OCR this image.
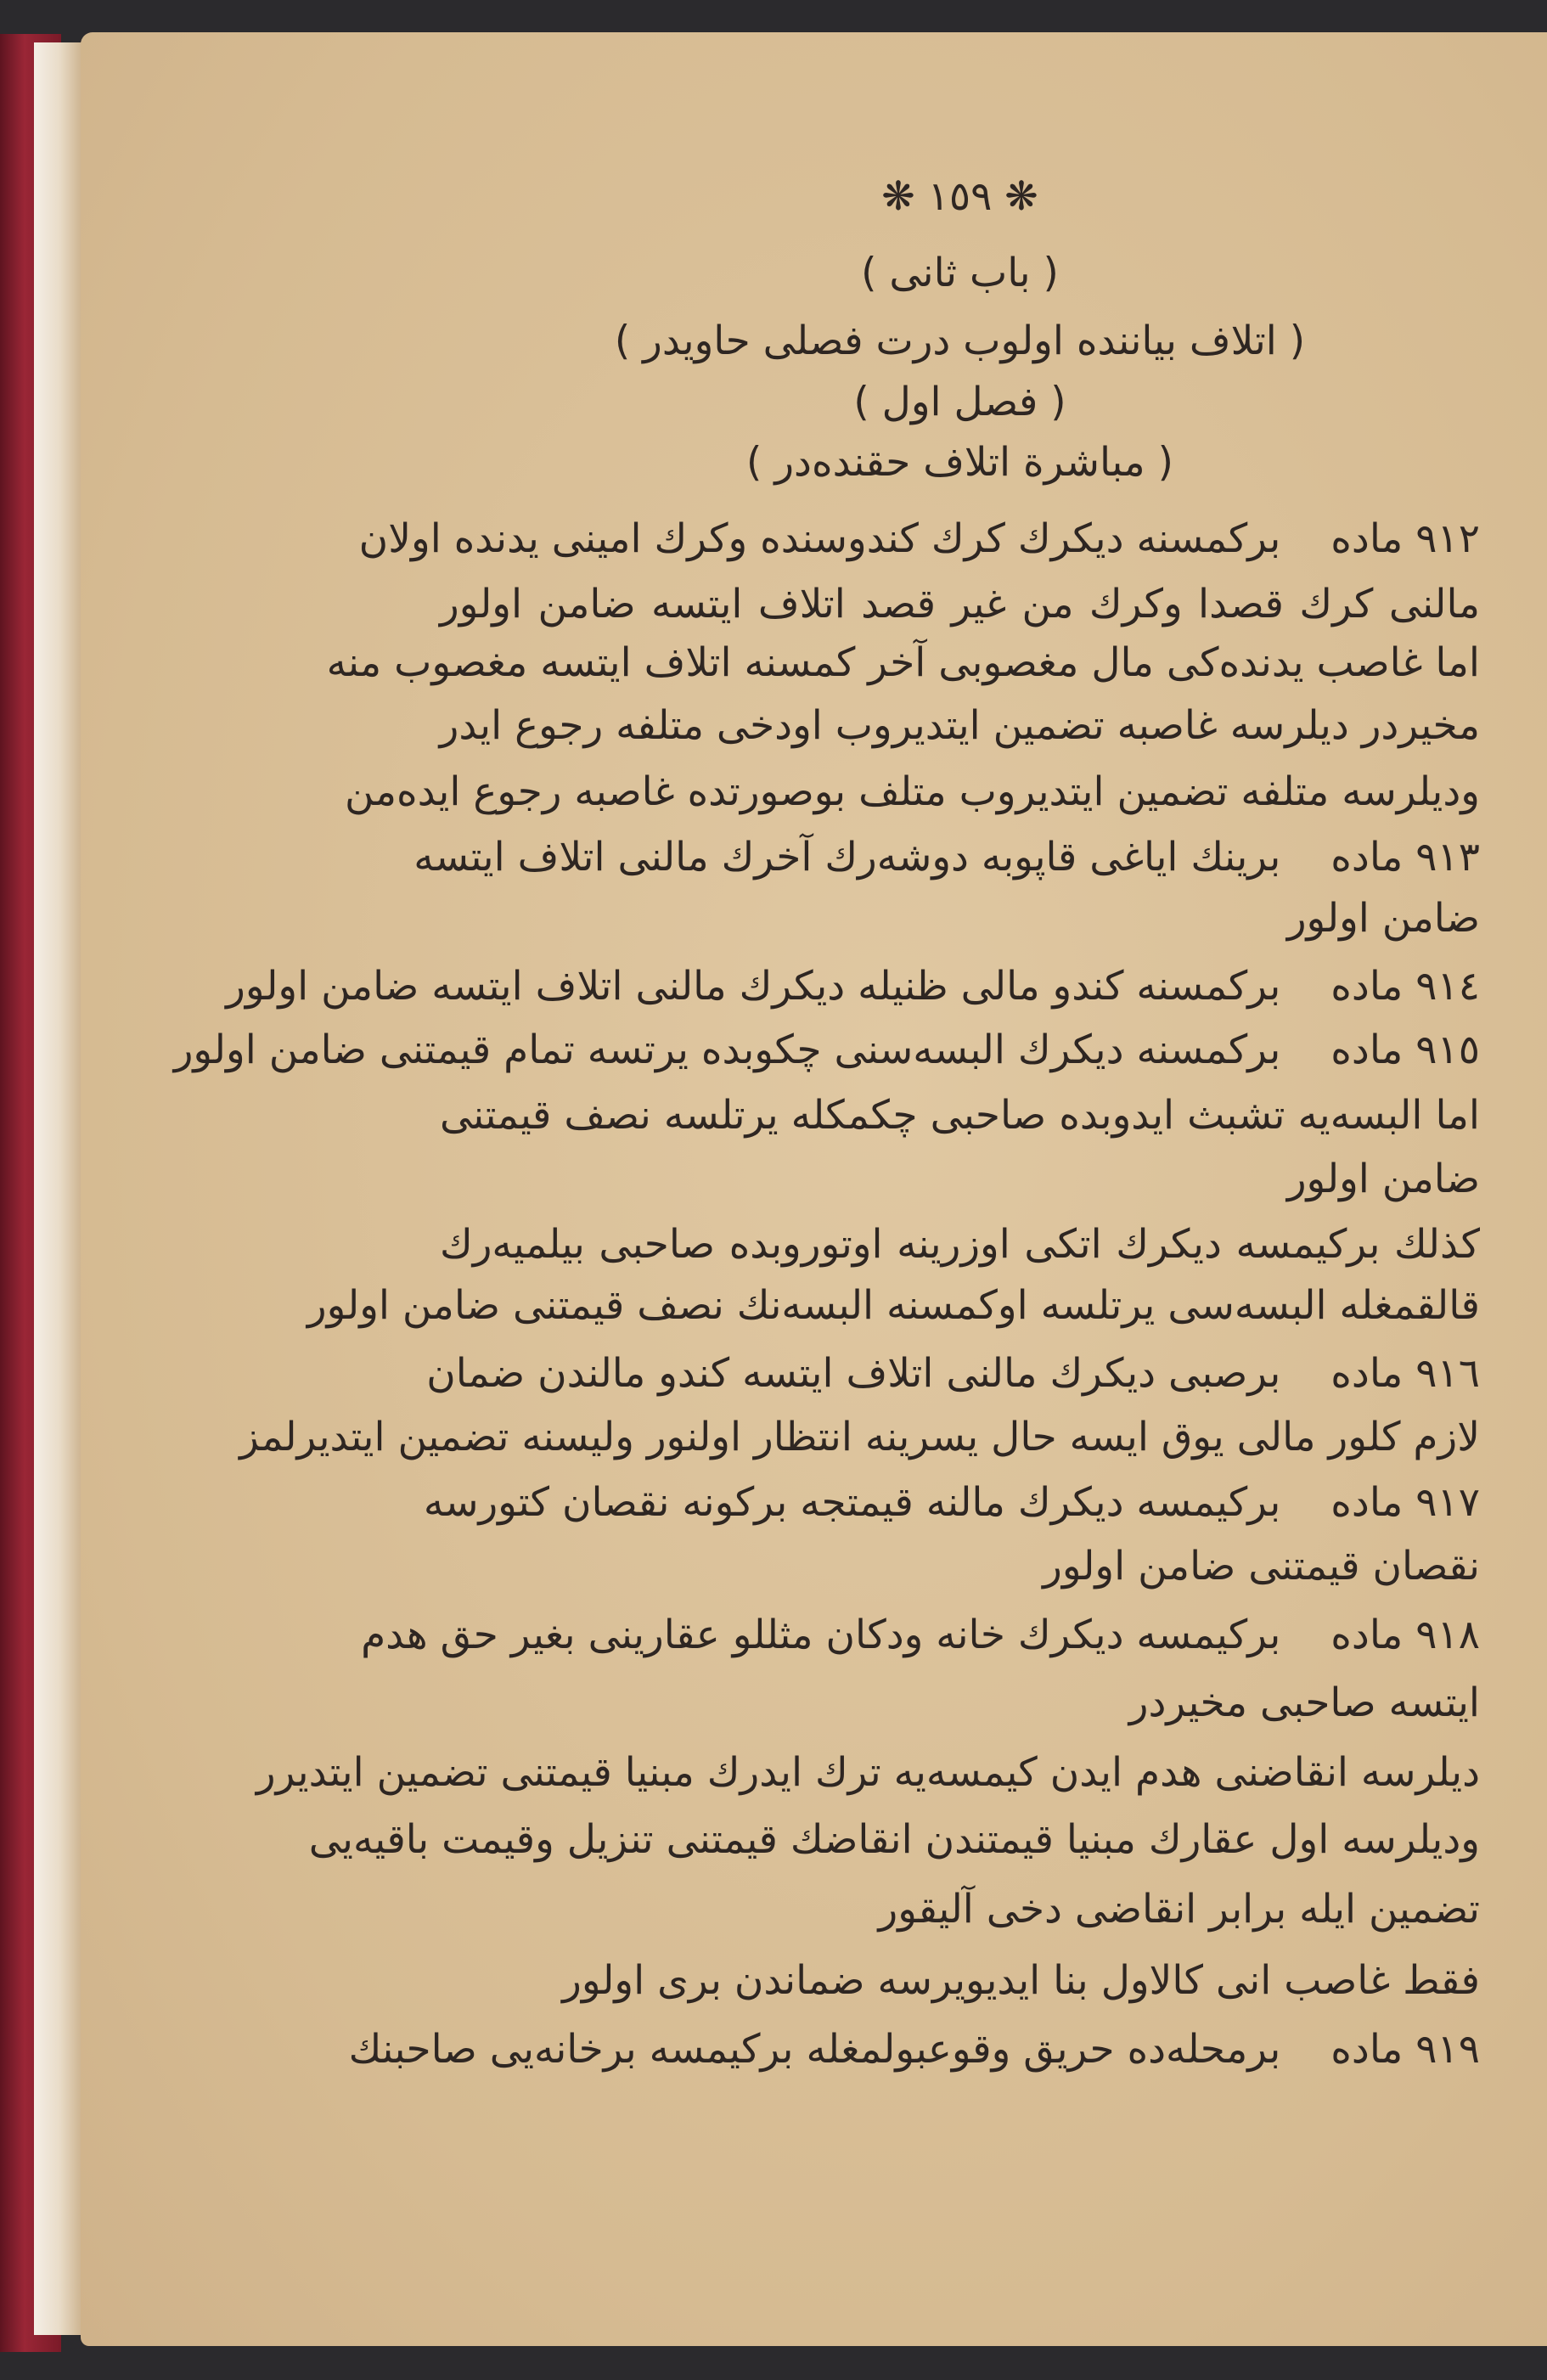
❋ ١٥٩ ❋
( باب ثانی )
( اتلاف بیاننده اولوب درت فصلی حاویدر )
( فصل اول )
( مباشرة اتلاف حقنده‌در )
٩١٢ ماده برکمسنه دیکرك کرك کندوسنده وکرك امینی یدنده اولان
مالنی کرك قصدا وکرك من غیر قصد اتلاف ایتسه ضامن اولور
اما غاصب یدنده‌کی مال مغصوبی آخر کمسنه اتلاف ایتسه مغصوب منه
مخیردر دیلرسه غاصبه تضمین ایتدیروب اودخی متلفه رجوع ایدر
ودیلرسه متلفه تضمین ایتدیروب متلف بوصورتده غاصبه رجوع ایده‌من
٩١٣ ماده برینك ایاغی قاپوبه دوشه‌رك آخرك مالنی اتلاف ایتسه
ضامن اولور
٩١٤ ماده برکمسنه کندو مالی ظنیله دیکرك مالنی اتلاف ایتسه ضامن اولور
٩١٥ ماده برکمسنه دیکرك البسه‌سنی چکوبده یرتسه تمام قیمتنی ضامن اولور
اما البسه‌یه تشبث ایدوبده صاحبی چکمکله یرتلسه نصف قیمتنی
ضامن اولور
کذلك برکیمسه دیکرك اتکی اوزرینه اوتوروبده صاحبی بیلمیه‌رك
قالقمغله البسه‌سی یرتلسه اوکمسنه البسه‌نك نصف قیمتنی ضامن اولور
٩١٦ ماده برصبی دیکرك مالنی اتلاف ایتسه کندو مالندن ضمان
لازم کلور مالی یوق ایسه حال یسرینه انتظار اولنور ولیسنه تضمین ایتدیرلمز
٩١٧ ماده برکیمسه دیکرك مالنه قیمتجه برکونه نقصان کتورسه
نقصان قیمتنی ضامن اولور
٩١٨ ماده برکیمسه دیکرك خانه ودکان مثللو عقارینی بغیر حق هدم
ایتسه صاحبی مخیردر
دیلرسه انقاضنی هدم ایدن کیمسه‌یه ترك ایدرك مبنیا قیمتنی تضمین ایتدیرر
ودیلرسه اول عقارك مبنیا قیمتندن انقاضك قیمتنی تنزیل وقیمت باقیه‌یی
تضمین ایله برابر انقاضی دخی آلیقور
فقط غاصب انی کالاول بنا ایدیویرسه ضماندن بری اولور
٩١٩ ماده برمحله‌ده حریق وقوعبولمغله برکیمسه برخانه‌یی صاحبنك
